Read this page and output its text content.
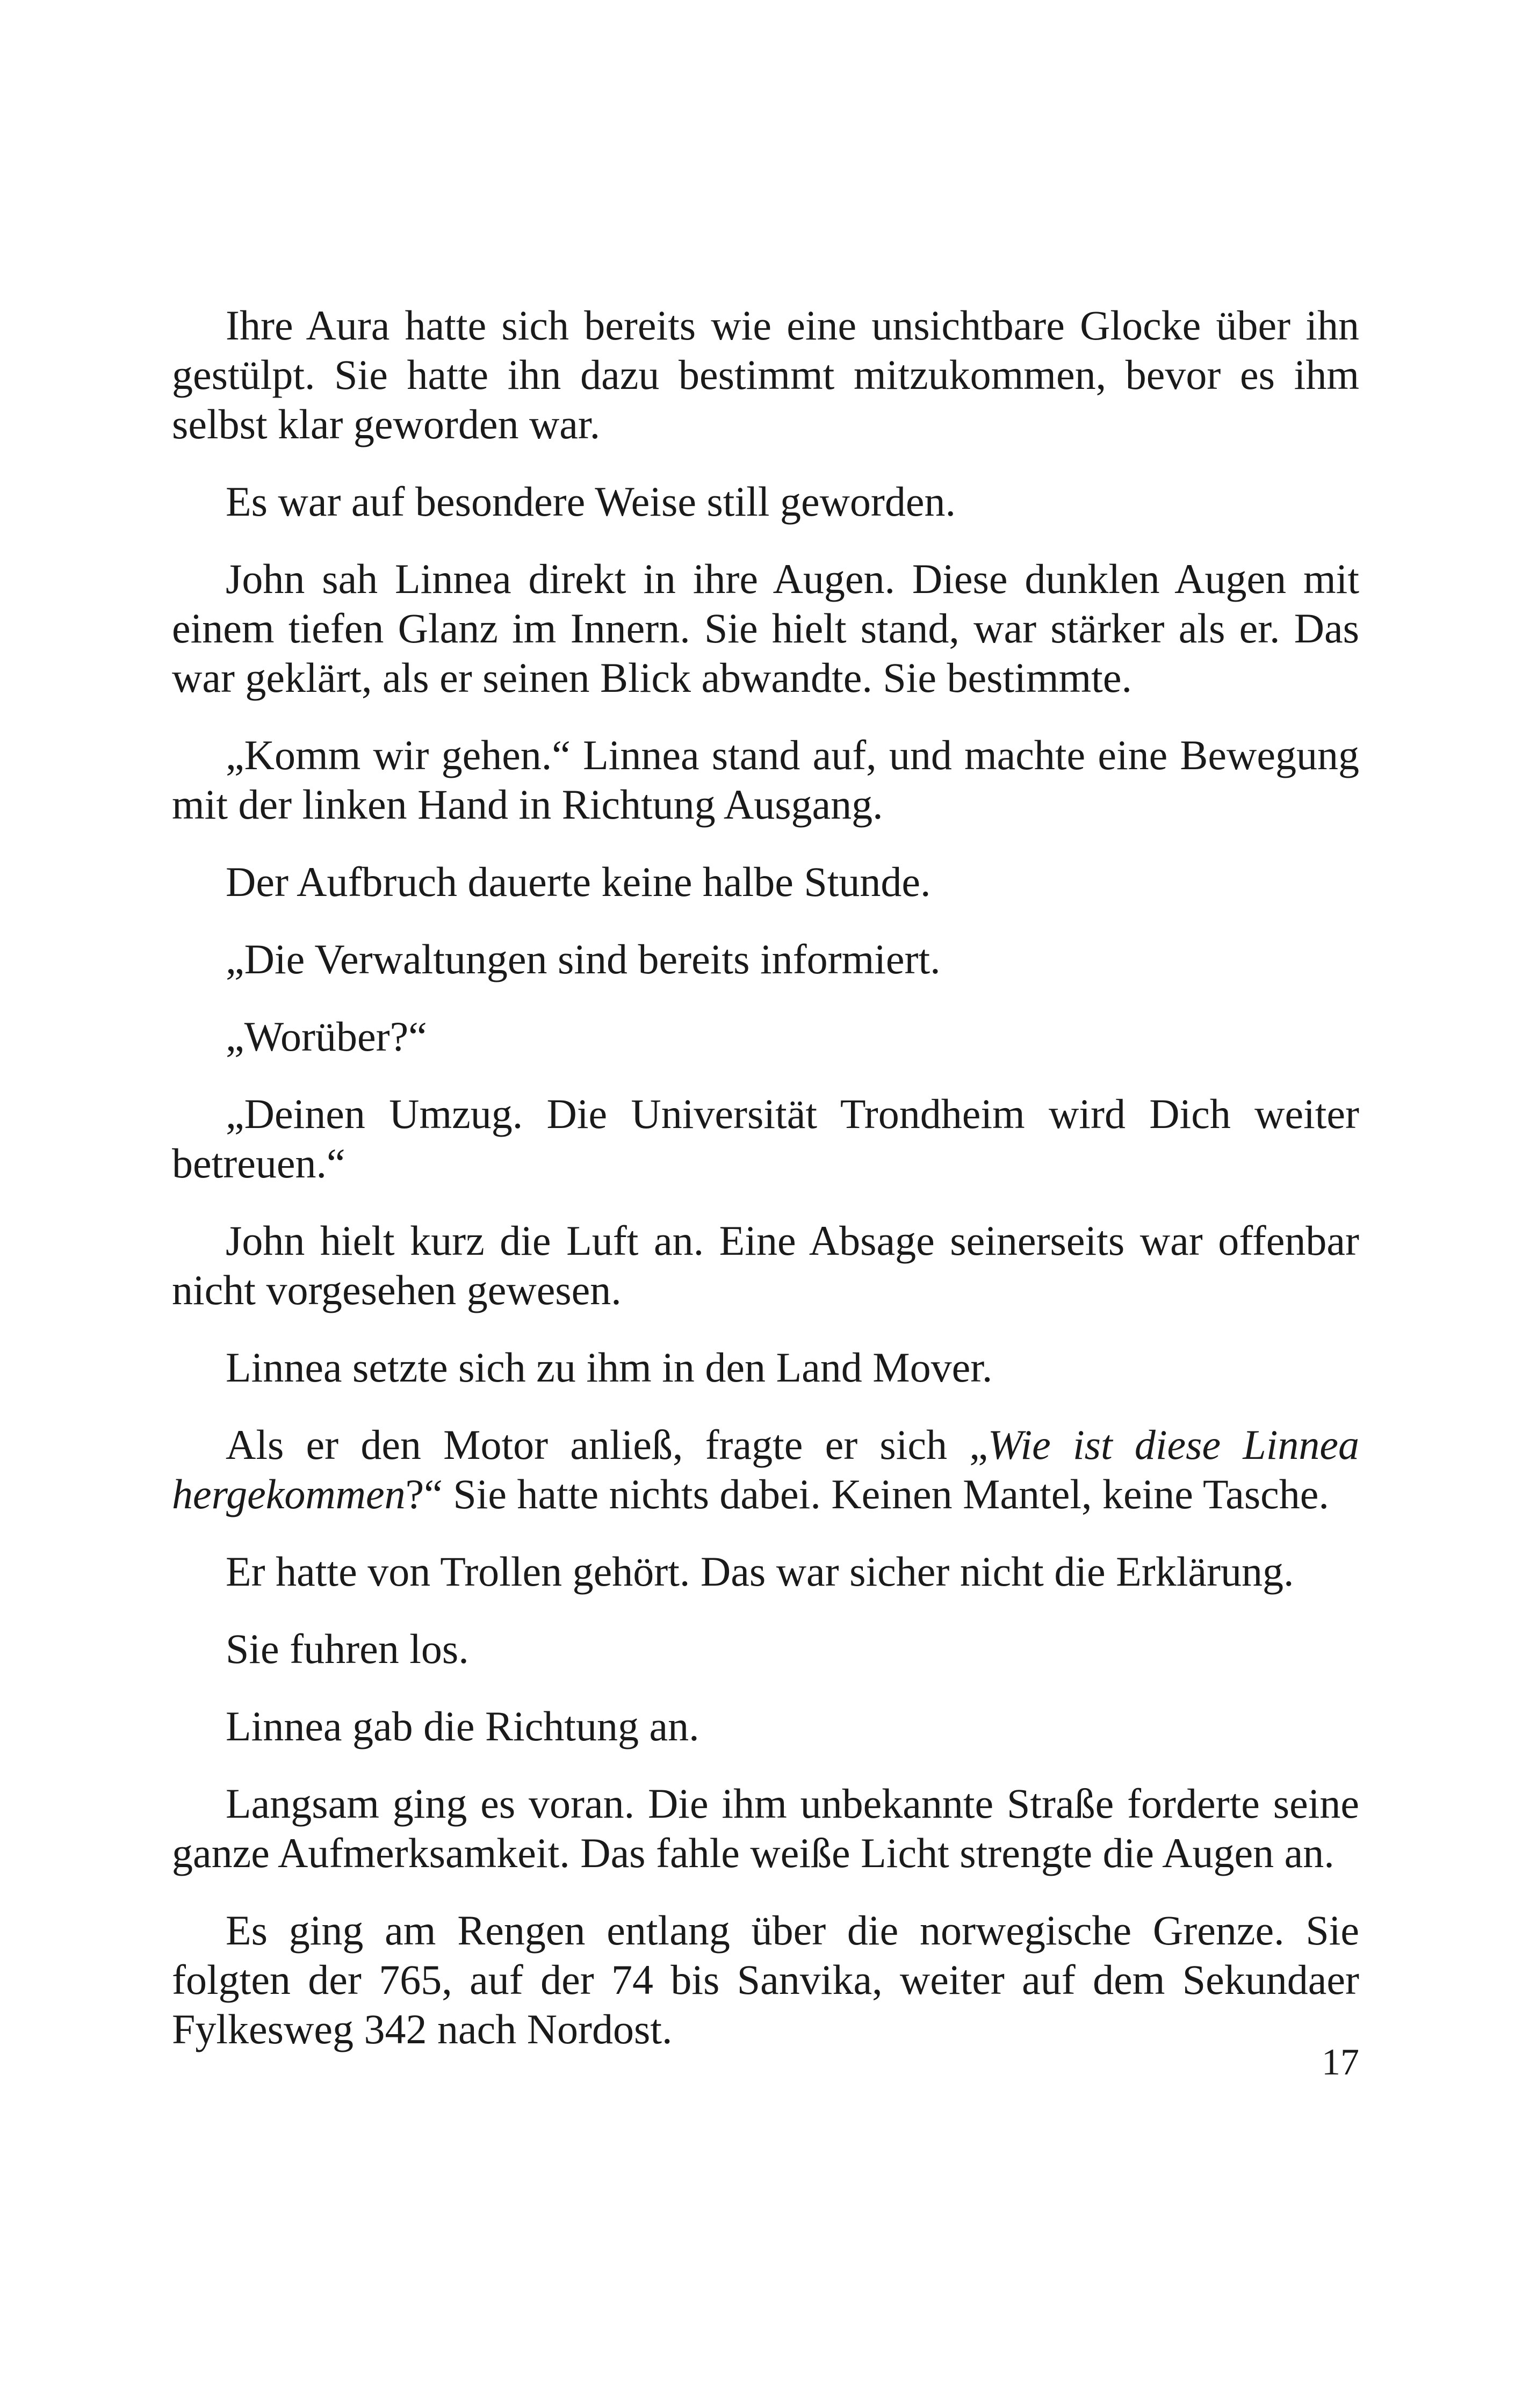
Ihre Aura hatte sich bereits wie eine unsichtbare Glocke über ihn gestülpt. Sie hatte ihn dazu bestimmt mitzukommen, bevor es ihm selbst klar geworden war.

Es war auf besondere Weise still geworden.

John sah Linnea direkt in ihre Augen. Diese dunklen Augen mit einem tiefen Glanz im Innern. Sie hielt stand, war stärker als er. Das war geklärt, als er seinen Blick abwandte. Sie bestimmte.

„Komm wir gehen.“ Linnea stand auf, und machte eine Bewegung mit der linken Hand in Richtung Ausgang.

Der Aufbruch dauerte keine halbe Stunde.

„Die Verwaltungen sind bereits informiert.

„Worüber?“

„Deinen Umzug. Die Universität Trondheim wird Dich weiter betreuen.“

John hielt kurz die Luft an. Eine Absage seinerseits war offenbar nicht vorgesehen gewesen.

Linnea setzte sich zu ihm in den Land Mover.

Als er den Motor anließ, fragte er sich „Wie ist diese Linnea hergekommen?“ Sie hatte nichts dabei. Keinen Mantel, keine Tasche.

Er hatte von Trollen gehört. Das war sicher nicht die Erklärung.

Sie fuhren los.

Linnea gab die Richtung an.

Langsam ging es voran. Die ihm unbekannte Straße forderte seine ganze Aufmerksamkeit. Das fahle weiße Licht strengte die Augen an.

Es ging am Rengen entlang über die norwegische Grenze. Sie folgten der 765, auf der 74 bis Sanvika, weiter auf dem Sekundaer Fylkesweg 342 nach Nordost.

17
